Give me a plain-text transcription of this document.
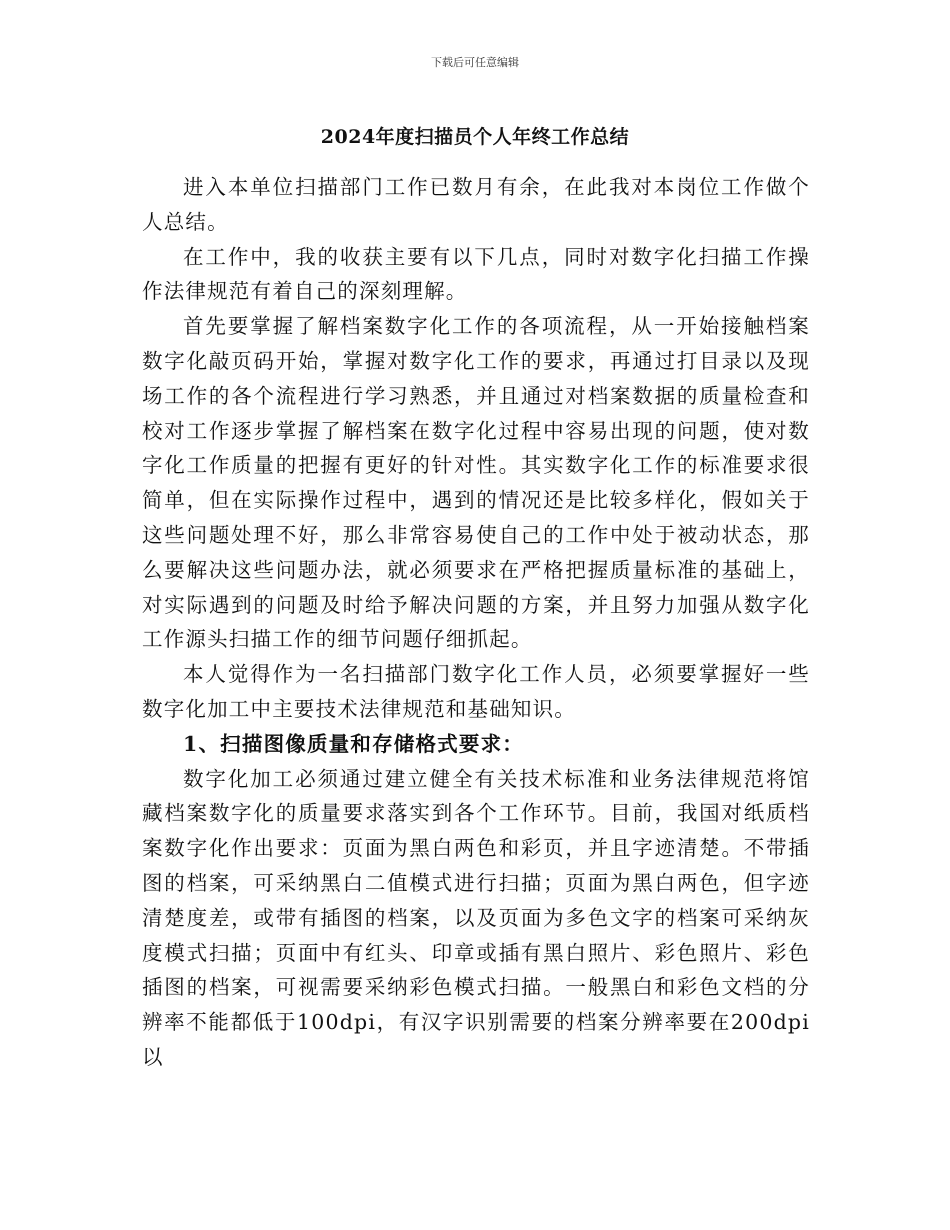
下载后可任意编辑
2024年度扫描员个人年终工作总结

进入本单位扫描部门工作已数月有余，在此我对本岗位工作做个人总结。

在工作中，我的收获主要有以下几点，同时对数字化扫描工作操作法律规范有着自己的深刻理解。

首先要掌握了解档案数字化工作的各项流程，从一开始接触档案数字化敲页码开始，掌握对数字化工作的要求，再通过打目录以及现场工作的各个流程进行学习熟悉，并且通过对档案数据的质量检查和校对工作逐步掌握了解档案在数字化过程中容易出现的问题，使对数字化工作质量的把握有更好的针对性。其实数字化工作的标准要求很简单，但在实际操作过程中，遇到的情况还是比较多样化，假如关于这些问题处理不好，那么非常容易使自己的工作中处于被动状态，那么要解决这些问题办法，就必须要求在严格把握质量标准的基础上，对实际遇到的问题及时给予解决问题的方案，并且努力加强从数字化工作源头扫描工作的细节问题仔细抓起。

本人觉得作为一名扫描部门数字化工作人员，必须要掌握好一些数字化加工中主要技术法律规范和基础知识。

1、扫描图像质量和存储格式要求：

数字化加工必须通过建立健全有关技术标准和业务法律规范将馆藏档案数字化的质量要求落实到各个工作环节。目前，我国对纸质档案数字化作出要求：页面为黑白两色和彩页，并且字迹清楚。不带插图的档案，可采纳黑白二值模式进行扫描；页面为黑白两色，但字迹清楚度差，或带有插图的档案，以及页面为多色文字的档案可采纳灰度模式扫描；页面中有红头、印章或插有黑白照片、彩色照片、彩色插图的档案，可视需要采纳彩色模式扫描。一般黑白和彩色文档的分辨率不能都低于100dpi，有汉字识别需要的档案分辨率要在200dpi以
